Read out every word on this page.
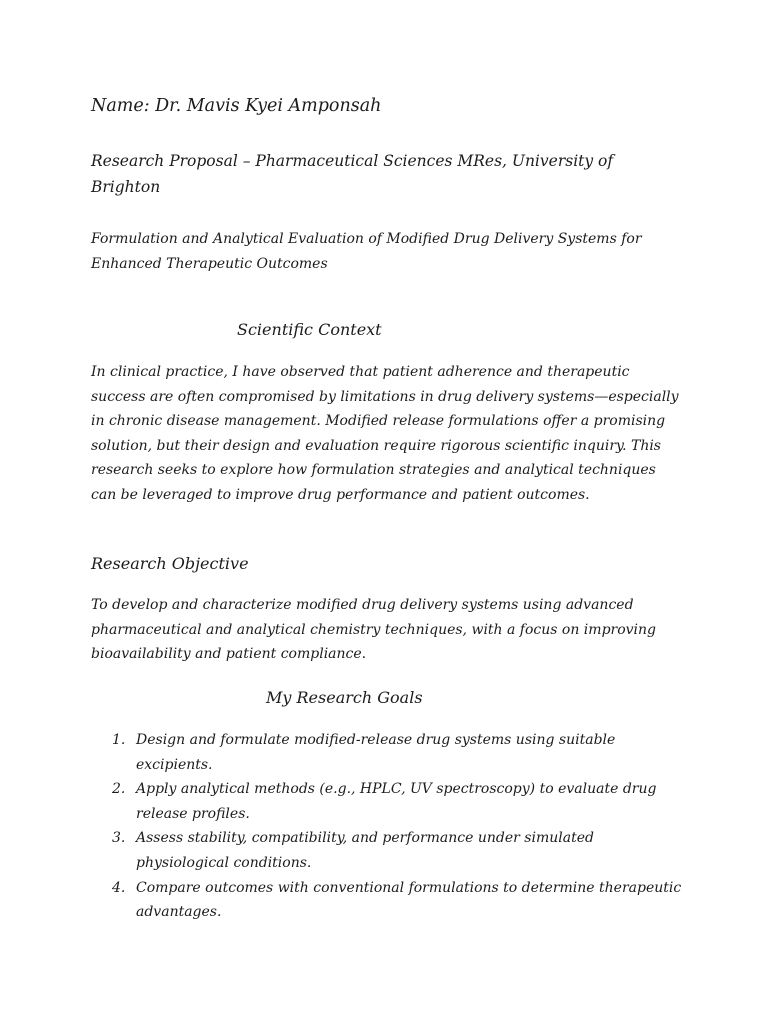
Name: Dr. Mavis Kyei Amponsah

Research Proposal – Pharmaceutical Sciences MRes, University of Brighton

Formulation and Analytical Evaluation of Modified Drug Delivery Systems for Enhanced Therapeutic Outcomes

Scientific Context

In clinical practice, I have observed that patient adherence and therapeutic success are often compromised by limitations in drug delivery systems—especially in chronic disease management. Modified release formulations offer a promising solution, but their design and evaluation require rigorous scientific inquiry. This research seeks to explore how formulation strategies and analytical techniques can be leveraged to improve drug performance and patient outcomes.

Research Objective

To develop and characterize modified drug delivery systems using advanced pharmaceutical and analytical chemistry techniques, with a focus on improving bioavailability and patient compliance.

My Research Goals
1. Design and formulate modified-release drug systems using suitable excipients.
2. Apply analytical methods (e.g., HPLC, UV spectroscopy) to evaluate drug release profiles.
3. Assess stability, compatibility, and performance under simulated physiological conditions.
4. Compare outcomes with conventional formulations to determine therapeutic advantages.
